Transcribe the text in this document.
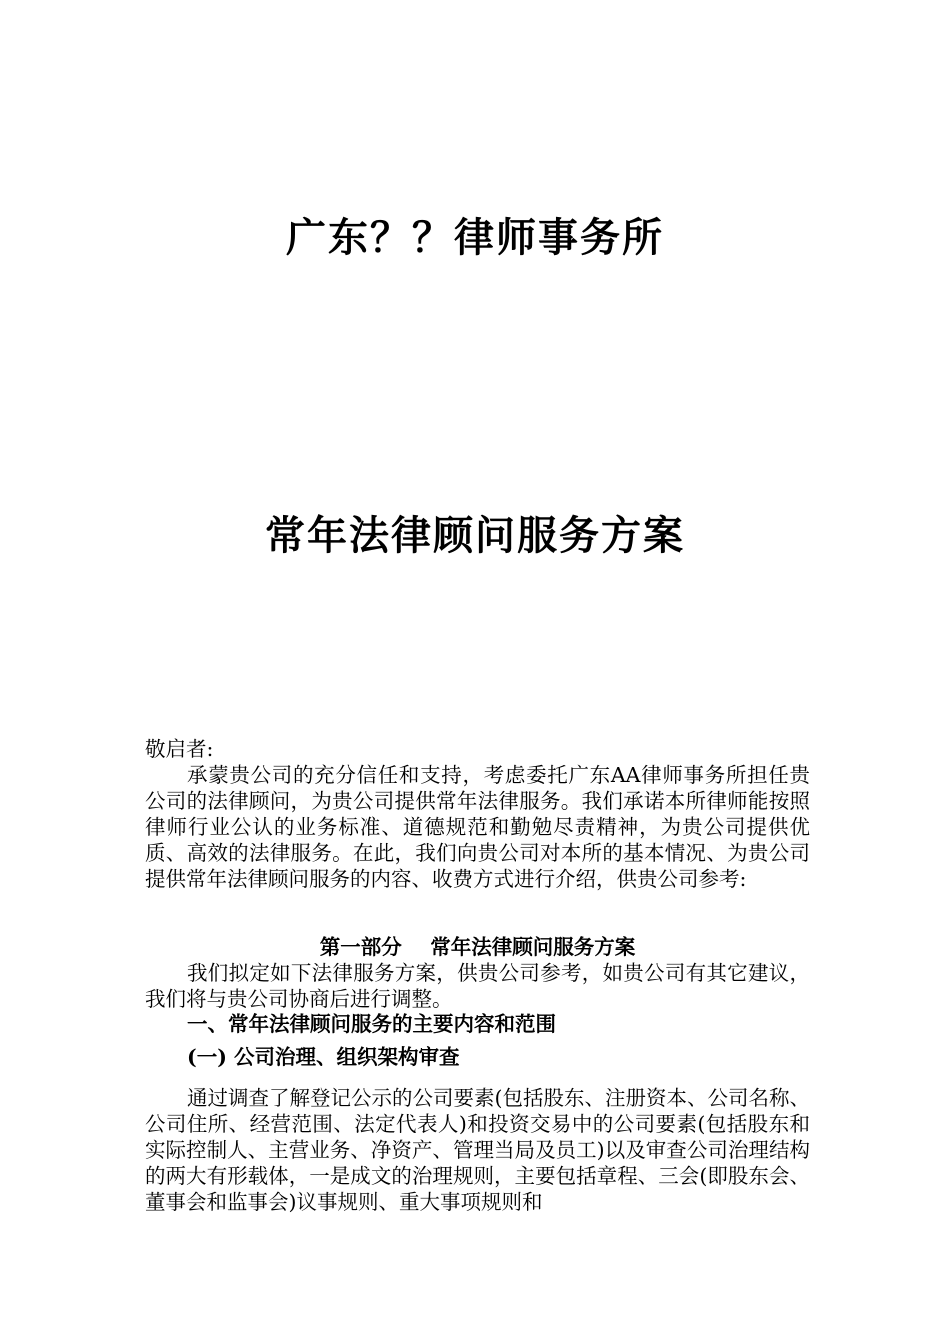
广东？？律师事务所
常年法律顾问服务方案
敬启者:
承蒙贵公司的充分信任和支持，考虑委托广东AA律师事务所担任贵公司的法律顾问，为贵公司提供常年法律服务。我们承诺本所律师能按照律师行业公认的业务标准、道德规范和勤勉尽责精神，为贵公司提供优质、高效的法律服务。在此，我们向贵公司对本所的基本情况、为贵公司提供常年法律顾问服务的内容、收费方式进行介绍，供贵公司参考:
第一部分    常年法律顾问服务方案
我们拟定如下法律服务方案，供贵公司参考，如贵公司有其它建议，我们将与贵公司协商后进行调整。
一、常年法律顾问服务的主要内容和范围
(一) 公司治理、组织架构审查
通过调查了解登记公示的公司要素(包括股东、注册资本、公司名称、公司住所、经营范围、法定代表人)和投资交易中的公司要素(包括股东和实际控制人、主营业务、净资产、管理当局及员工)以及审查公司治理结构的两大有形载体，一是成文的治理规则，主要包括章程、三会(即股东会、董事会和监事会)议事规则、重大事项规则和
